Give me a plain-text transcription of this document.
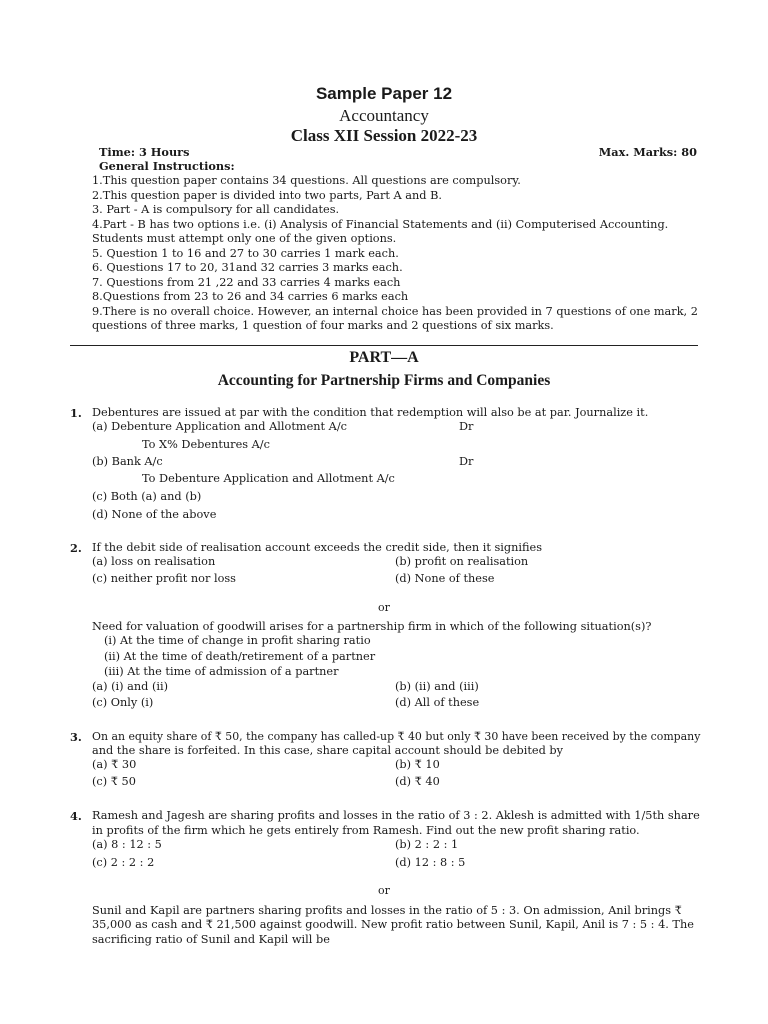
Sample Paper 12
Accountancy
Class XII Session 2022-23
Time: 3 Hours	Max. Marks: 80
General Instructions:
1.This question paper contains 34 questions. All questions are compulsory.
2.This question paper is divided into two parts, Part A and B.
3. Part - A is compulsory for all candidates.
4.Part - B has two options i.e. (i) Analysis of Financial Statements and (ii) Computerised Accounting.
Students must attempt only one of the given options.
5. Question 1 to 16 and 27 to 30 carries 1 mark each.
6. Questions 17 to 20, 31and 32 carries 3 marks each.
7. Questions from 21 ,22 and 33 carries 4 marks each
8.Questions from 23 to 26 and 34 carries 6 marks each
9.There is no overall choice. However, an internal choice has been provided in 7 questions of one mark, 2
questions of three marks, 1 question of four marks and 2 questions of six marks.
PART—A
Accounting for Partnership Firms and Companies
1. Debentures are issued at par with the condition that redemption will also be at par. Journalize it.
(a) Debenture Application and Allotment A/c	Dr
To X% Debentures A/c
(b) Bank A/c	Dr
To Debenture Application and Allotment A/c
(c) Both (a) and (b)
(d) None of the above
2. If the debit side of realisation account exceeds the credit side, then it signifies
(a) loss on realisation	(b) profit on realisation
(c) neither profit nor loss	(d) None of these
or
Need for valuation of goodwill arises for a partnership firm in which of the following situation(s)?
(i) At the time of change in profit sharing ratio
(ii) At the time of death/retirement of a partner
(iii) At the time of admission of a partner
(a) (i) and (ii)	(b) (ii) and (iii)
(c) Only (i)	(d) All of these
3. On an equity share of ₹ 50, the company has called-up ₹ 40 but only ₹ 30 have been received by the company
and the share is forfeited. In this case, share capital account should be debited by
(a) ₹ 30	(b) ₹ 10
(c) ₹ 50	(d) ₹ 40
4. Ramesh and Jagesh are sharing profits and losses in the ratio of 3 : 2. Aklesh is admitted with 1/5th share
in profits of the firm which he gets entirely from Ramesh. Find out the new profit sharing ratio.
(a) 8 : 12 : 5	(b) 2 : 2 : 1
(c) 2 : 2 : 2	(d) 12 : 8 : 5
or
Sunil and Kapil are partners sharing profits and losses in the ratio of 5 : 3. On admission, Anil brings ₹
35,000 as cash and ₹ 21,500 against goodwill. New profit ratio between Sunil, Kapil, Anil is 7 : 5 : 4. The
sacrificing ratio of Sunil and Kapil will be
